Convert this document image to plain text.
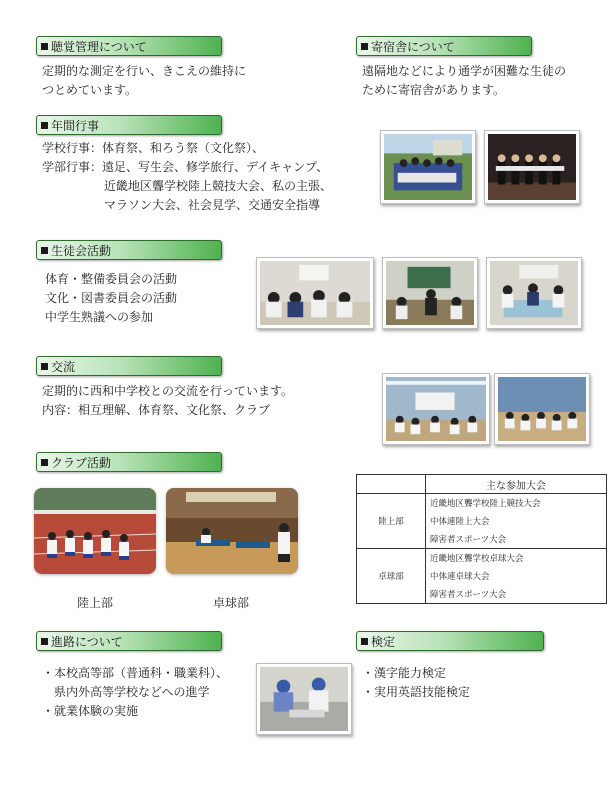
聴覚管理について	寄宿舎について
年間行事
生徒会活動
交流
クラブ活動
進路について	検定
定期的な測定を行い、きこえの維持に
つとめています。
遠隔地などにより通学が困難な生徒の
ために寄宿舎があります。
学校行事：体育祭、和ろう祭（文化祭）、
学部行事：遠足、写生会、修学旅行、デイキャンプ、
近畿地区聾学校陸上競技大会、私の主張、
マラソン大会、社会見学、交通安全指導
体育・整備委員会の活動
文化・図書委員会の活動
中学生熟議への参加
定期的に西和中学校との交流を行っています。
内容：相互理解、体育祭、文化祭、クラブ
・本校高等部（普通科・職業科）、
県内外高等学校などへの進学
・就業体験の実施
・漢字能力検定
・実用英語技能検定
陸上部	卓球部
	主な参加大会
陸上部	近畿地区聾学校陸上競技大会
	中体連陸上大会
	障害者スポーツ大会
卓球部	近畿地区聾学校卓球大会
	中体連卓球大会
	障害者スポーツ大会
